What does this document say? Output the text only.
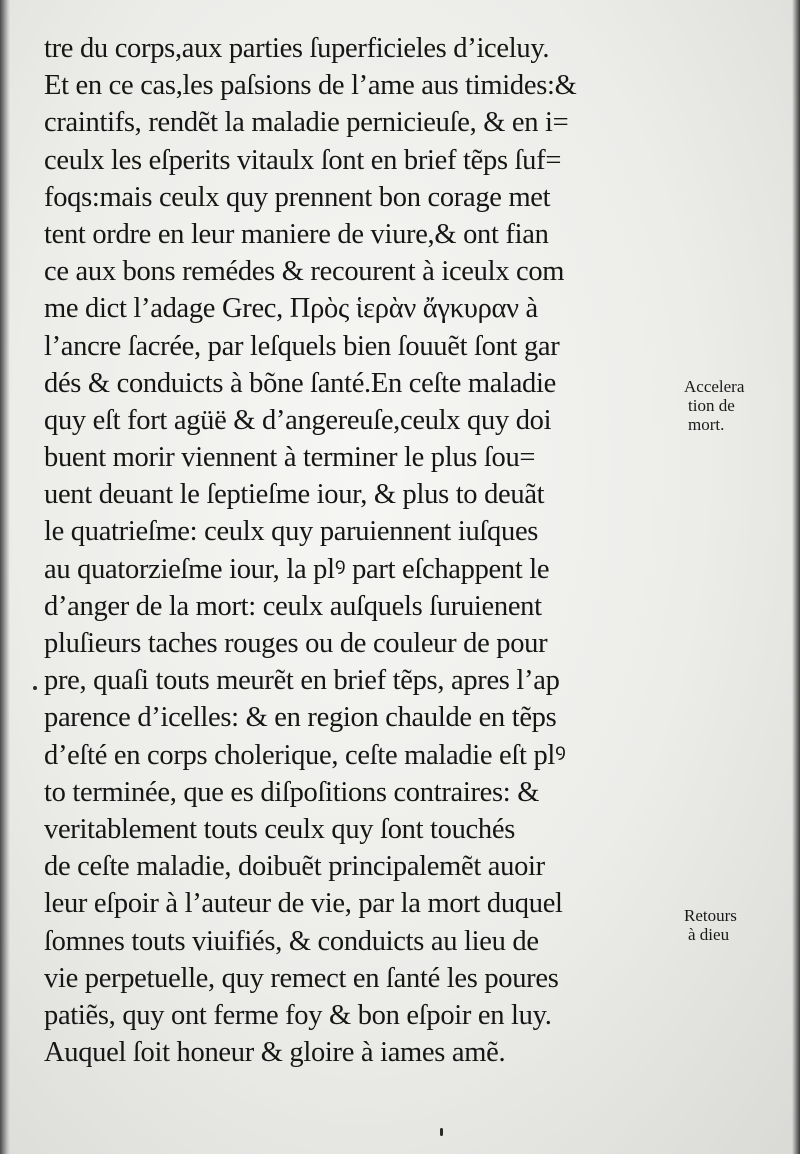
tre du corps,aux parties ſuperficieles d’iceluy.
Et en ce cas,les paſsions de l’ame aus timides:&
craintifs, rendẽt la maladie pernicieuſe, & en i=
ceulx les eſperits vitaulx ſont en brief tẽps ſuf=
foqs:mais ceulx quy prennent bon corage met
tent ordre en leur maniere de viure,& ont fian
ce aux bons remédes & recourent à iceulx com
me dict l’adage Grec, Πρὸς ἱερὰν ἄγκυραν à
l’ancre ſacrée, par leſquels bien ſouuẽt ſont gar
dés & conduicts à bõne ſanté.En ceſte maladie
quy eſt fort agüë & d’angereuſe,ceulx quy doi
buent morir viennent à terminer le plus ſou=
uent deuant le ſeptieſme iour, & plus to deuãt
le quatrieſme: ceulx quy paruiennent iuſques
au quatorzieſme iour, la plꝰ part eſchappent le
d’anger de la mort: ceulx auſquels ſuruienent
pluſieurs taches rouges ou de couleur de pour
pre, quaſi touts meurẽt en brief tẽps, apres l’ap
parence d’icelles: & en region chaulde en tẽps
d’eſté en corps cholerique, ceſte maladie eſt plꝰ
to terminée, que es diſpoſitions contraires: &
veritablement touts ceulx quy ſont touchés
de ceſte maladie, doibuẽt principalemẽt auoir
leur eſpoir à l’auteur de vie, par la mort duquel
ſomnes touts viuifiés, & conduicts au lieu de
vie perpetuelle, quy remect en ſanté les poures
patiẽs, quy ont ferme foy & bon eſpoir en luy.
Auquel ſoit honeur & gloire à iames amẽ.
Accelera
tion de
mort.
Retours
à dieu
